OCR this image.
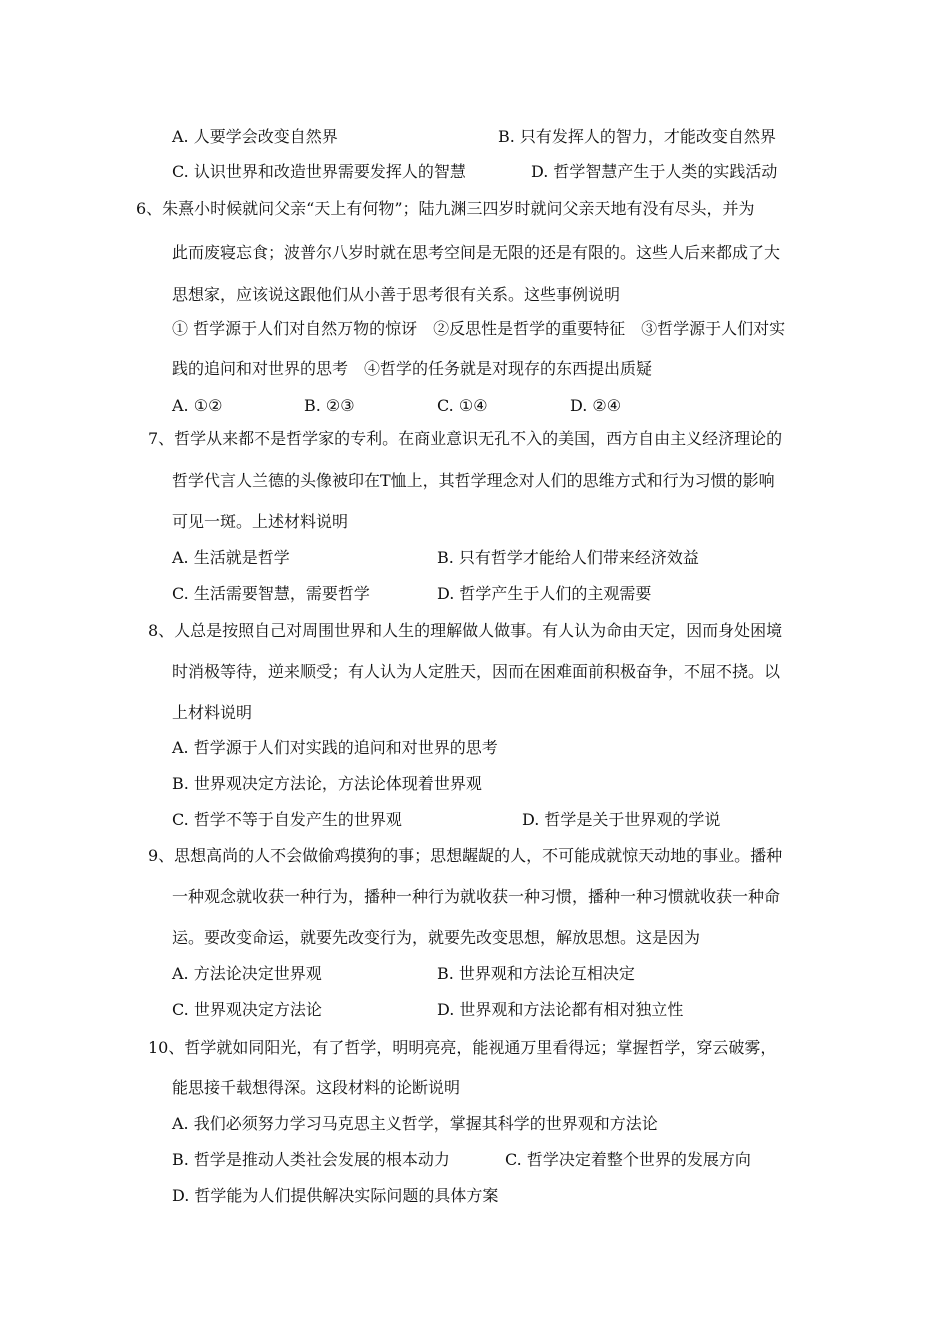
A. 人要学会改变自然界	B. 只有发挥人的智力，才能改变自然界
C. 认识世界和改造世界需要发挥人的智慧	D. 哲学智慧产生于人类的实践活动
6、朱熹小时候就问父亲“天上有何物”；陆九渊三四岁时就问父亲天地有没有尽头，并为
此而废寝忘食；波普尔八岁时就在思考空间是无限的还是有限的。这些人后来都成了大
思想家，应该说这跟他们从小善于思考很有关系。这些事例说明
① 哲学源于人们对自然万物的惊讶　②反思性是哲学的重要特征　③哲学源于人们对实
践的追问和对世界的思考　④哲学的任务就是对现存的东西提出质疑
A. ①②	B. ②③	C. ①④	D. ②④
7、哲学从来都不是哲学家的专利。在商业意识无孔不入的美国，西方自由主义经济理论的
哲学代言人兰德的头像被印在T恤上，其哲学理念对人们的思维方式和行为习惯的影响
可见一斑。上述材料说明
A. 生活就是哲学	B. 只有哲学才能给人们带来经济效益
C. 生活需要智慧，需要哲学	D. 哲学产生于人们的主观需要
8、人总是按照自己对周围世界和人生的理解做人做事。有人认为命由天定，因而身处困境
时消极等待，逆来顺受；有人认为人定胜天，因而在困难面前积极奋争，不屈不挠。以
上材料说明
A. 哲学源于人们对实践的追问和对世界的思考
B. 世界观决定方法论，方法论体现着世界观
C. 哲学不等于自发产生的世界观	D. 哲学是关于世界观的学说
9、思想高尚的人不会做偷鸡摸狗的事；思想龌龊的人，不可能成就惊天动地的事业。播种
一种观念就收获一种行为，播种一种行为就收获一种习惯，播种一种习惯就收获一种命
运。要改变命运，就要先改变行为，就要先改变思想，解放思想。这是因为
A. 方法论决定世界观	B. 世界观和方法论互相决定
C. 世界观决定方法论	D. 世界观和方法论都有相对独立性
10、哲学就如同阳光，有了哲学，明明亮亮，能视通万里看得远；掌握哲学，穿云破雾，
能思接千载想得深。这段材料的论断说明
A. 我们必须努力学习马克思主义哲学，掌握其科学的世界观和方法论
B. 哲学是推动人类社会发展的根本动力	C. 哲学决定着整个世界的发展方向
D. 哲学能为人们提供解决实际问题的具体方案
